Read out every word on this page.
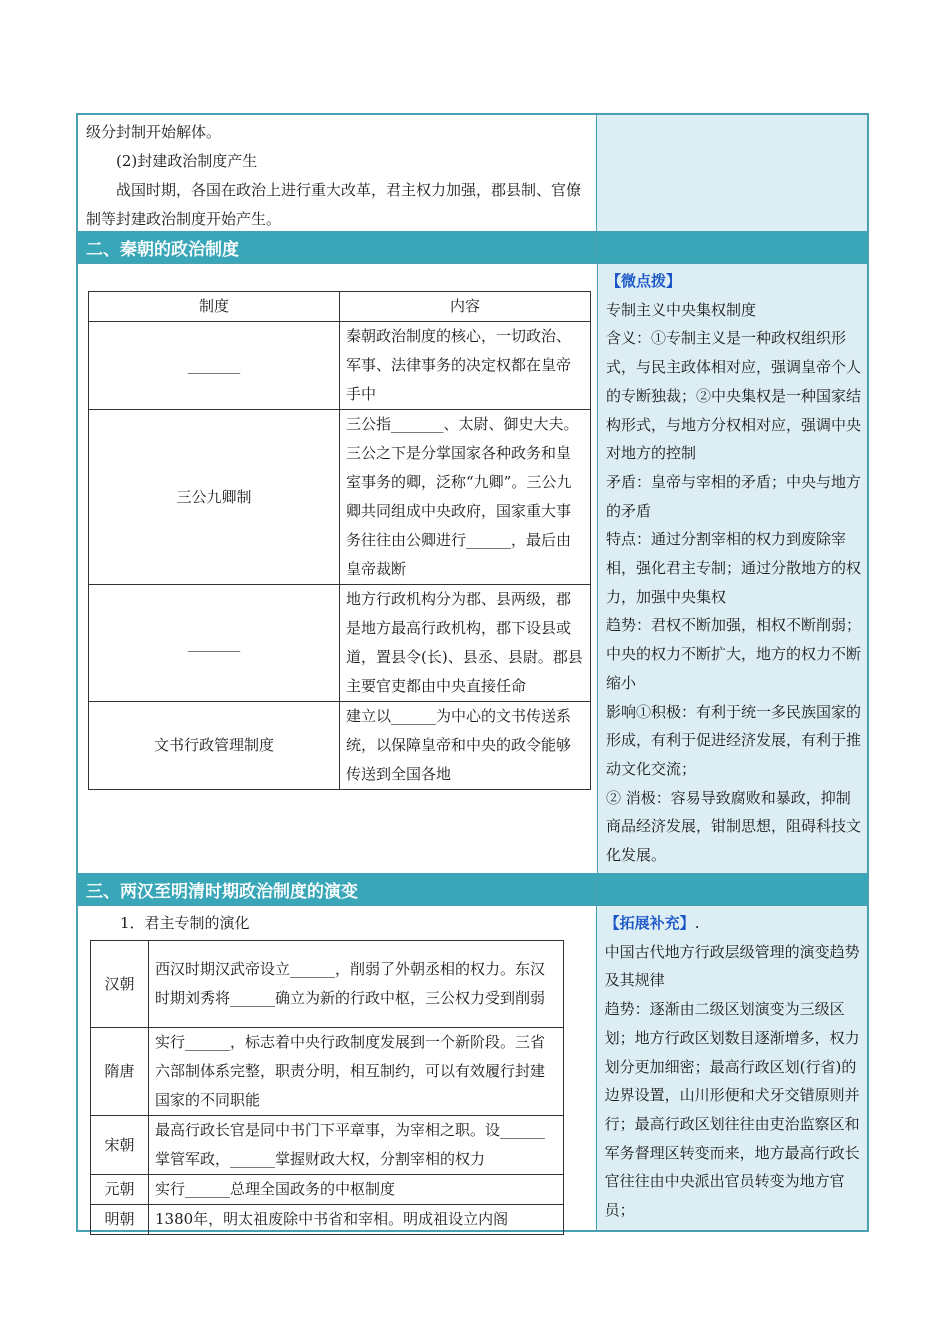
级分封制开始解体。
(2)封建政治制度产生
战国时期，各国在政治上进行重大改革，君主权力加强，郡县制、官僚制等封建政治制度开始产生。
二、秦朝的政治制度
制度	内容
_______	秦朝政治制度的核心，一切政治、军事、法律事务的决定权都在皇帝手中
三公九卿制	三公指_______、太尉、御史大夫。三公之下是分掌国家各种政务和皇室事务的卿，泛称“九卿”。三公九卿共同组成中央政府，国家重大事务往往由公卿进行______，最后由皇帝裁断
_______	地方行政机构分为郡、县两级，郡是地方最高行政机构，郡下设县或道，置县令(长)、县丞、县尉。郡县主要官吏都由中央直接任命
文书行政管理制度	建立以______为中心的文书传送系统，以保障皇帝和中央的政令能够传送到全国各地
【微点拨】
专制主义中央集权制度
含义：①专制主义是一种政权组织形式，与民主政体相对应，强调皇帝个人的专断独裁；②中央集权是一种国家结构形式，与地方分权相对应，强调中央对地方的控制
矛盾：皇帝与宰相的矛盾；中央与地方的矛盾
特点：通过分割宰相的权力到废除宰相，强化君主专制；通过分散地方的权力，加强中央集权
趋势：君权不断加强，相权不断削弱；中央的权力不断扩大，地方的权力不断缩小
影响①积极：有利于统一多民族国家的形成，有利于促进经济发展，有利于推动文化交流；
② 消极：容易导致腐败和暴政，抑制商品经济发展，钳制思想，阻碍科技文化发展。
三、两汉至明清时期政治制度的演变
1．君主专制的演化
汉朝	西汉时期汉武帝设立______，削弱了外朝丞相的权力。东汉时期刘秀将______确立为新的行政中枢，三公权力受到削弱
隋唐	实行______，标志着中央行政制度发展到一个新阶段。三省六部制体系完整，职责分明，相互制约，可以有效履行封建国家的不同职能
宋朝	最高行政长官是同中书门下平章事，为宰相之职。设______掌管军政，______掌握财政大权，分割宰相的权力
元朝	实行______总理全国政务的中枢制度
明朝	1380年，明太祖废除中书省和宰相。明成祖设立内阁
【拓展补充】.
中国古代地方行政层级管理的演变趋势及其规律
趋势：逐渐由二级区划演变为三级区划；地方行政区划数目逐渐增多，权力划分更加细密；最高行政区划(行省)的边界设置，山川形便和犬牙交错原则并行；最高行政区划往往由吏治监察区和军务督理区转变而来，地方最高行政长官往往由中央派出官员转变为地方官员；
